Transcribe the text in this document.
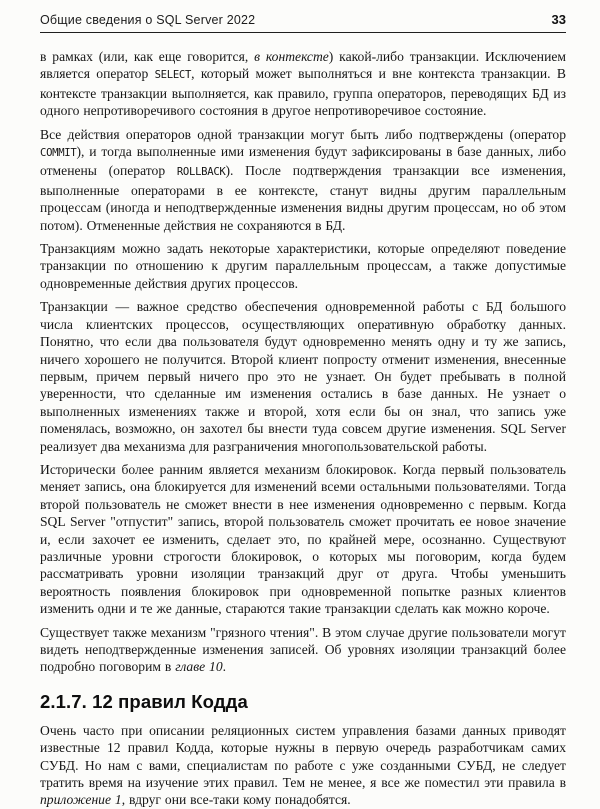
Общие сведения о SQL Server 2022	33

в рамках (или, как еще говорится, в контексте) какой-либо транзакции. Исключением является оператор SELECT, который может выполняться и вне контекста транзакции. В контексте транзакции выполняется, как правило, группа операторов, переводящих БД из одного непротиворечивого состояния в другое непротиворечивое состояние.

Все действия операторов одной транзакции могут быть либо подтверждены (оператор COMMIT), и тогда выполненные ими изменения будут зафиксированы в базе данных, либо отменены (оператор ROLLBACK). После подтверждения транзакции все изменения, выполненные операторами в ее контексте, станут видны другим параллельным процессам (иногда и неподтвержденные изменения видны другим процессам, но об этом потом). Отмененные действия не сохраняются в БД.

Транзакциям можно задать некоторые характеристики, которые определяют поведение транзакции по отношению к другим параллельным процессам, а также допустимые одновременные действия других процессов.

Транзакции — важное средство обеспечения одновременной работы с БД большого числа клиентских процессов, осуществляющих оперативную обработку данных. Понятно, что если два пользователя будут одновременно менять одну и ту же запись, ничего хорошего не получится. Второй клиент попросту отменит изменения, внесенные первым, причем первый ничего про это не узнает. Он будет пребывать в полной уверенности, что сделанные им изменения остались в базе данных. Не узнает о выполненных изменениях также и второй, хотя если бы он знал, что запись уже поменялась, возможно, он захотел бы внести туда совсем другие изменения. SQL Server реализует два механизма для разграничения многопользовательской работы.

Исторически более ранним является механизм блокировок. Когда первый пользователь меняет запись, она блокируется для изменений всеми остальными пользователями. Тогда второй пользователь не сможет внести в нее изменения одновременно с первым. Когда SQL Server "отпустит" запись, второй пользователь сможет прочитать ее новое значение и, если захочет ее изменить, сделает это, по крайней мере, осознанно. Существуют различные уровни строгости блокировок, о которых мы поговорим, когда будем рассматривать уровни изоляции транзакций друг от друга. Чтобы уменьшить вероятность появления блокировок при одновременной попытке разных клиентов изменить одни и те же данные, стараются такие транзакции сделать как можно короче.

Существует также механизм "грязного чтения". В этом случае другие пользователи могут видеть неподтвержденные изменения записей. Об уровнях изоляции транзакций более подробно поговорим в главе 10.

2.1.7. 12 правил Кодда

Очень часто при описании реляционных систем управления базами данных приводят известные 12 правил Кодда, которые нужны в первую очередь разработчикам самих СУБД. Но нам с вами, специалистам по работе с уже созданными СУБД, не следует тратить время на изучение этих правил. Тем не менее, я все же поместил эти правила в приложение 1, вдруг они все-таки кому понадобятся.
